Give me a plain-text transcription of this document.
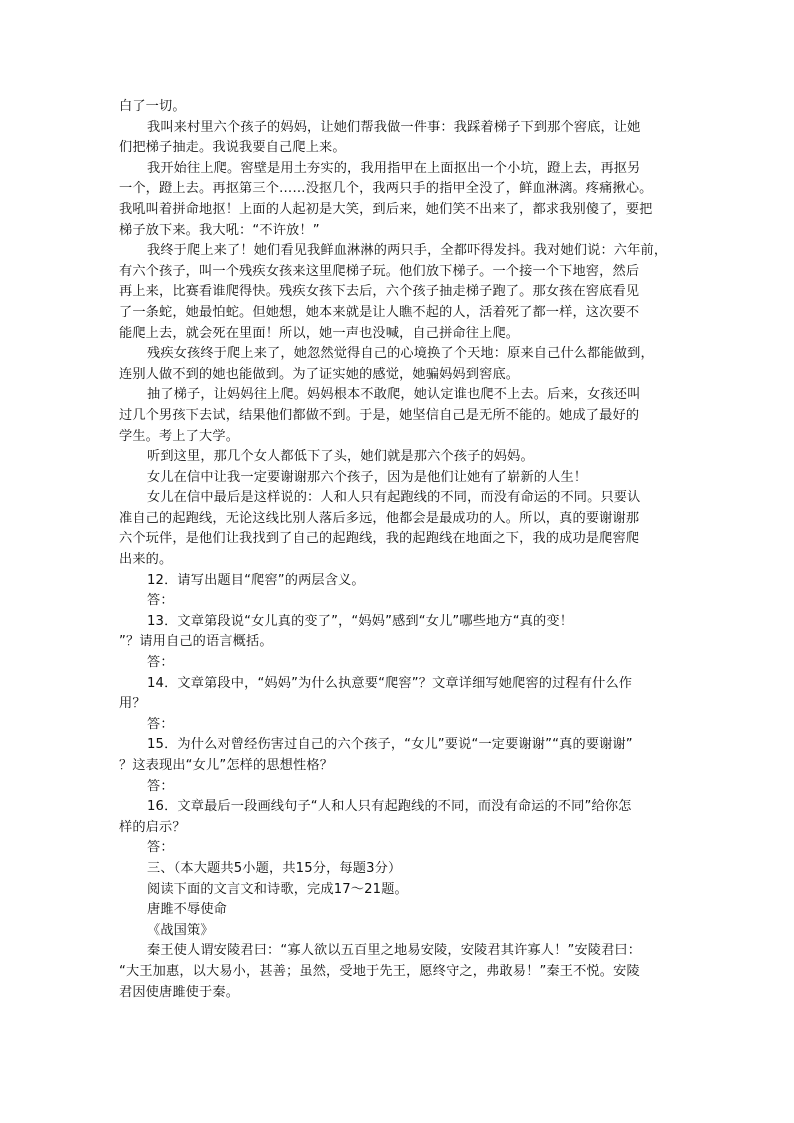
白了一切。
我叫来村里六个孩子的妈妈，让她们帮我做一件事：我踩着梯子下到那个窖底，让她
们把梯子抽走。我说我要自己爬上来。
我开始往上爬。窖壁是用土夯实的，我用指甲在上面抠出一个小坑，蹬上去，再抠另
一个，蹬上去。再抠第三个……没抠几个，我两只手的指甲全没了，鲜血淋漓。疼痛揪心。
我吼叫着拼命地抠！上面的人起初是大笑，到后来，她们笑不出来了，都求我别傻了，要把
梯子放下来。我大吼：“不许放！”
我终于爬上来了！她们看见我鲜血淋淋的两只手，全都吓得发抖。我对她们说：六年前，
有六个孩子，叫一个残疾女孩来这里爬梯子玩。他们放下梯子。一个接一个下地窖，然后
再上来，比赛看谁爬得快。残疾女孩下去后，六个孩子抽走梯子跑了。那女孩在窖底看见
了一条蛇，她最怕蛇。但她想，她本来就是让人瞧不起的人，活着死了都一样，这次要不
能爬上去，就会死在里面！所以，她一声也没喊，自己拼命往上爬。
残疾女孩终于爬上来了，她忽然觉得自己的心境换了个天地：原来自己什么都能做到，
连别人做不到的她也能做到。为了证实她的感觉，她骗妈妈到窖底。
抽了梯子，让妈妈往上爬。妈妈根本不敢爬，她认定谁也爬不上去。后来，女孩还叫
过几个男孩下去试，结果他们都做不到。于是，她坚信自己是无所不能的。她成了最好的
学生。考上了大学。
听到这里，那几个女人都低下了头，她们就是那六个孩子的妈妈。
女儿在信中让我一定要谢谢那六个孩子，因为是他们让她有了崭新的人生！
女儿在信中最后是这样说的：人和人只有起跑线的不同，而没有命运的不同。只要认
准自己的起跑线，无论这线比别人落后多远，他都会是最成功的人。所以，真的要谢谢那
六个玩伴，是他们让我找到了自己的起跑线，我的起跑线在地面之下，我的成功是爬窖爬
出来的。
12．请写出题目“爬窖”的两层含义。
答：
13．文章第段说“女儿真的变了”，“妈妈”感到“女儿”哪些地方“真的变！
”？请用自己的语言概括。
答：
14．文章第段中，“妈妈”为什么执意要“爬窖”？文章详细写她爬窖的过程有什么作
用？
答：
15．为什么对曾经伤害过自己的六个孩子，“女儿”要说“一定要谢谢”“真的要谢谢”
？这表现出“女儿”怎样的思想性格？
答：
16．文章最后一段画线句子“人和人只有起跑线的不同，而没有命运的不同”给你怎
样的启示？
答：
三、（本大题共5小题，共15分，每题3分）
阅读下面的文言文和诗歌，完成17～21题。
唐雎不辱使命
《战国策》
秦王使人谓安陵君曰：“寡人欲以五百里之地易安陵，安陵君其许寡人！”安陵君曰：
“大王加惠，以大易小，甚善；虽然，受地于先王，愿终守之，弗敢易！”秦王不悦。安陵
君因使唐雎使于秦。
